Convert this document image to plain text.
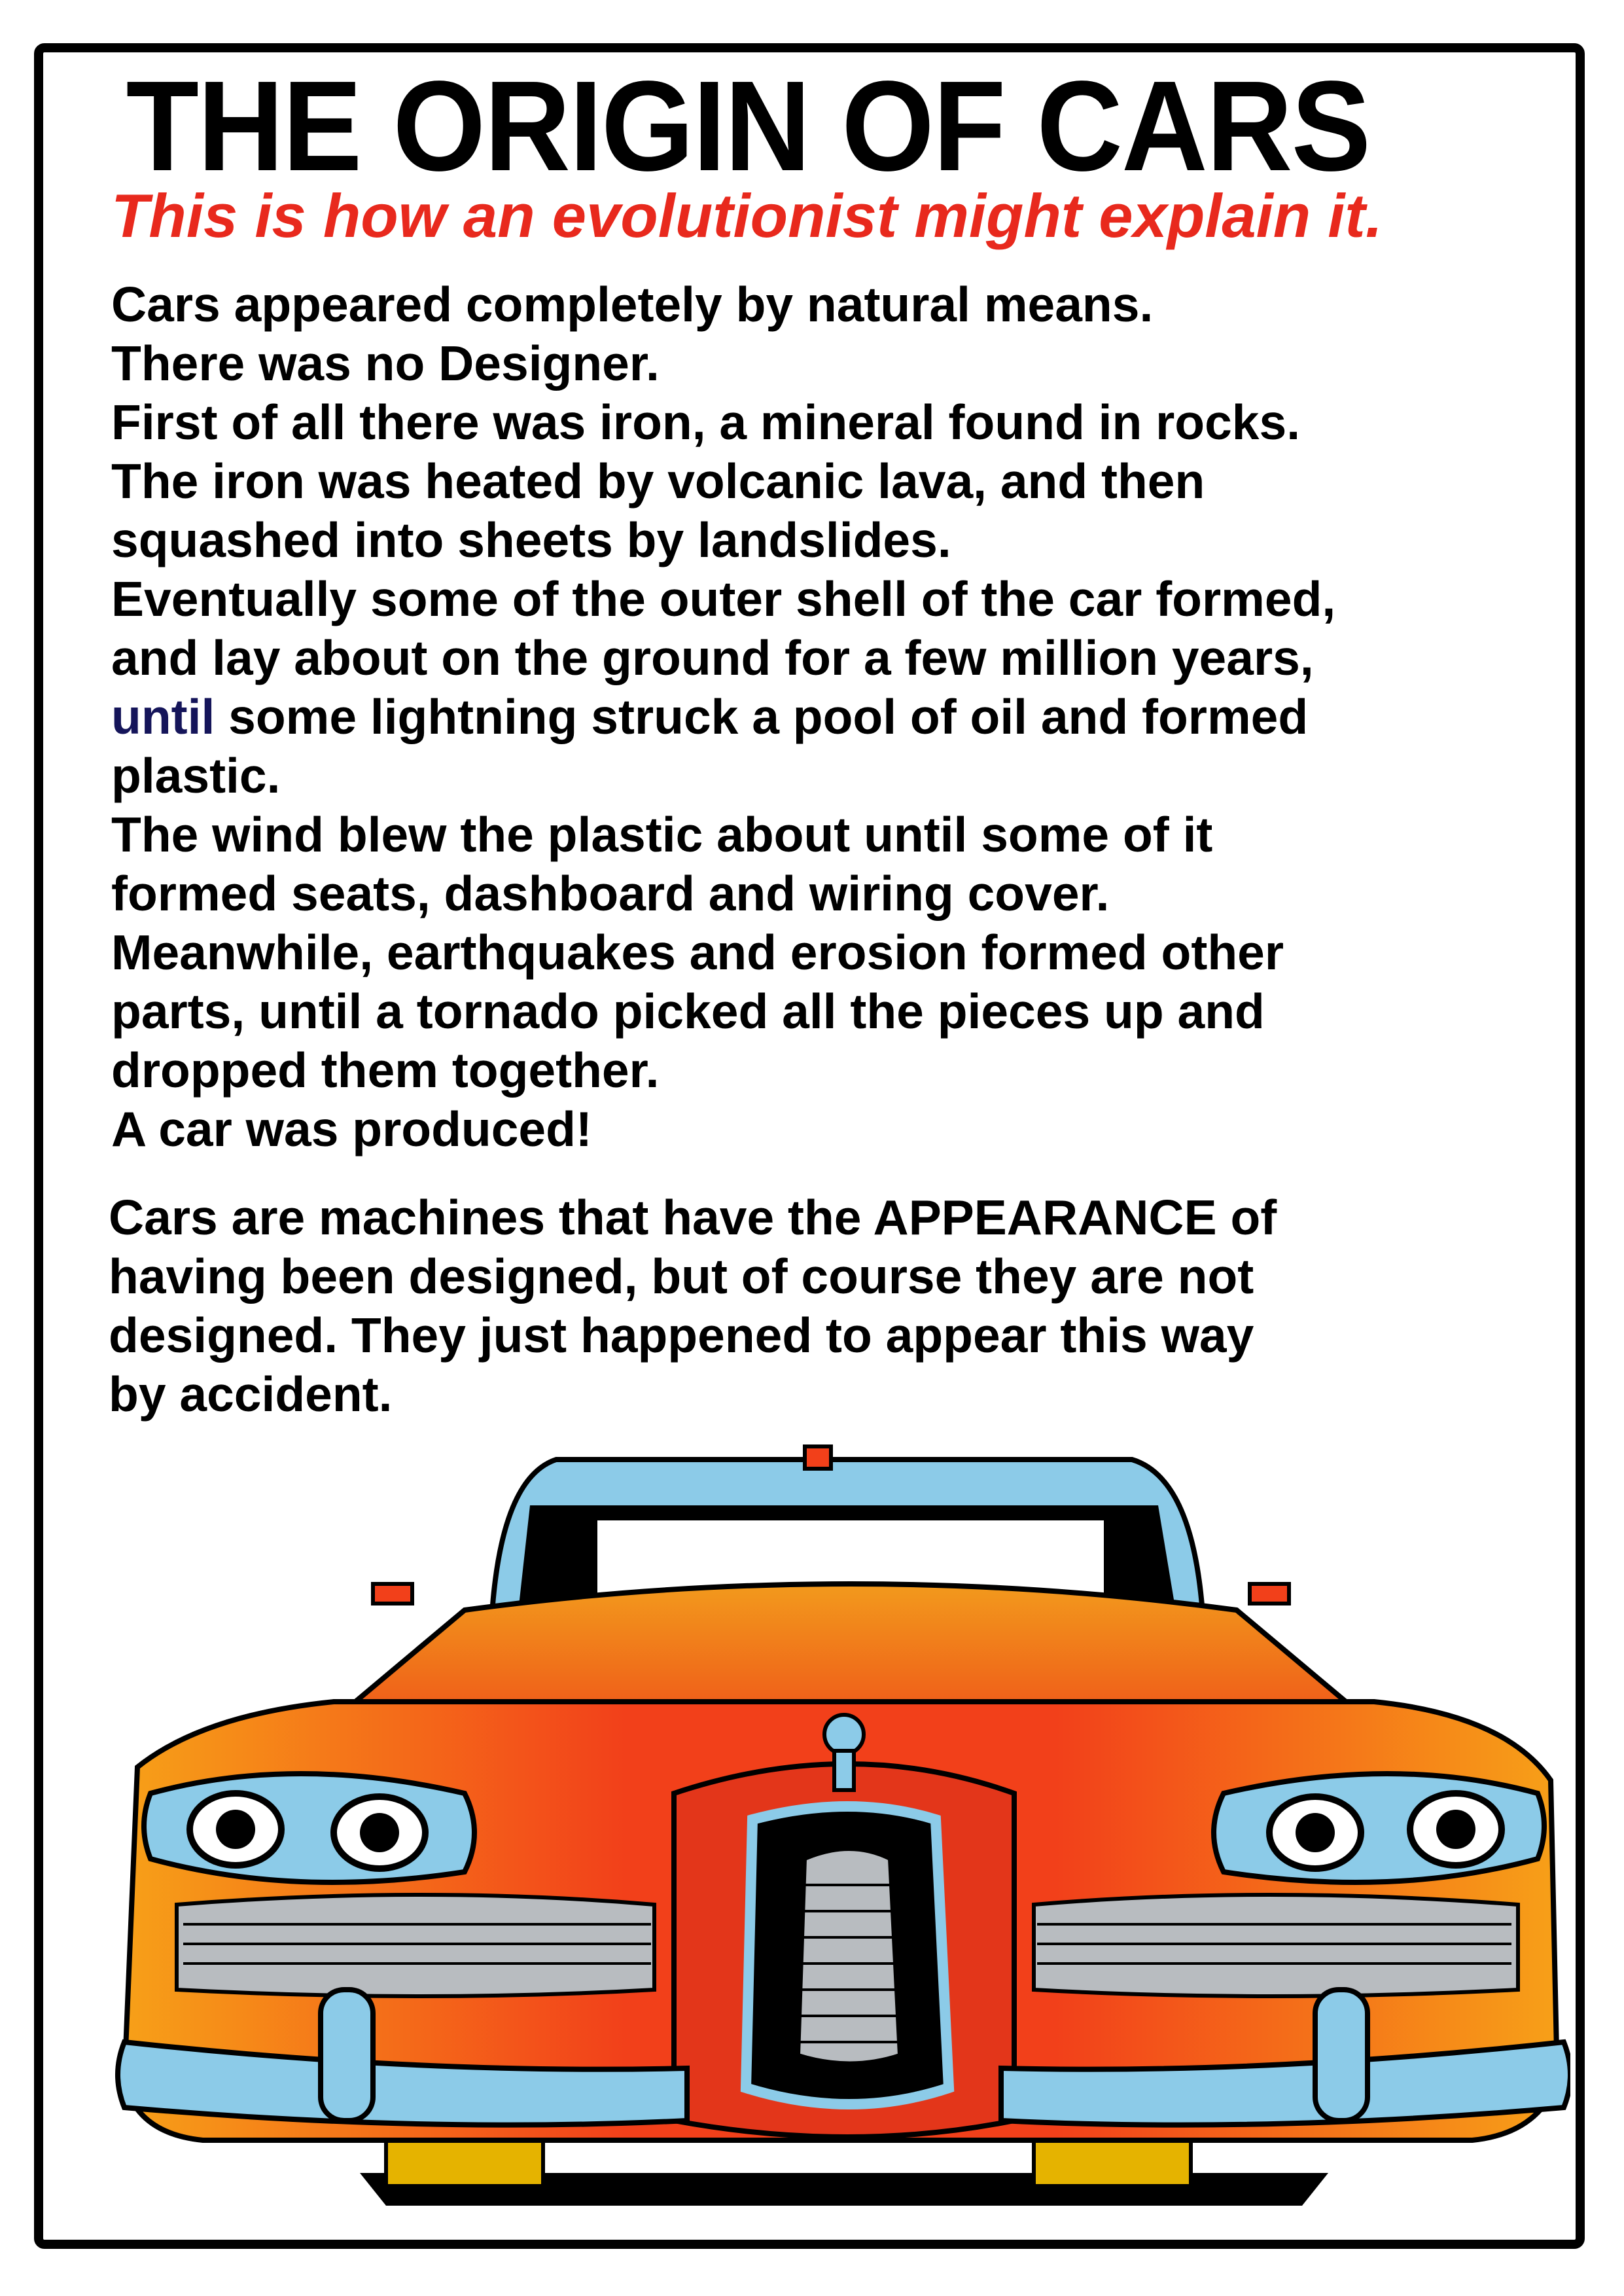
THE ORIGIN OF CARS
This is how an evolutionist might explain it.
Cars appeared completely by natural means.
There was no Designer.
First of all there was iron, a mineral found in rocks.
The iron was heated by volcanic lava, and then
squashed into sheets by landslides.
Eventually some of the outer shell of the car formed,
and lay about on the ground for a few million years,
until some lightning struck a pool of oil and formed
plastic.
The wind blew the plastic about until some of it
formed seats, dashboard and wiring cover.
Meanwhile, earthquakes and erosion formed other
parts, until a tornado picked all the pieces up and
dropped them together.
A car was produced!
Cars are machines that have the APPEARANCE of
having been designed, but of course they are not
designed. They just happened to appear this way
by accident.
